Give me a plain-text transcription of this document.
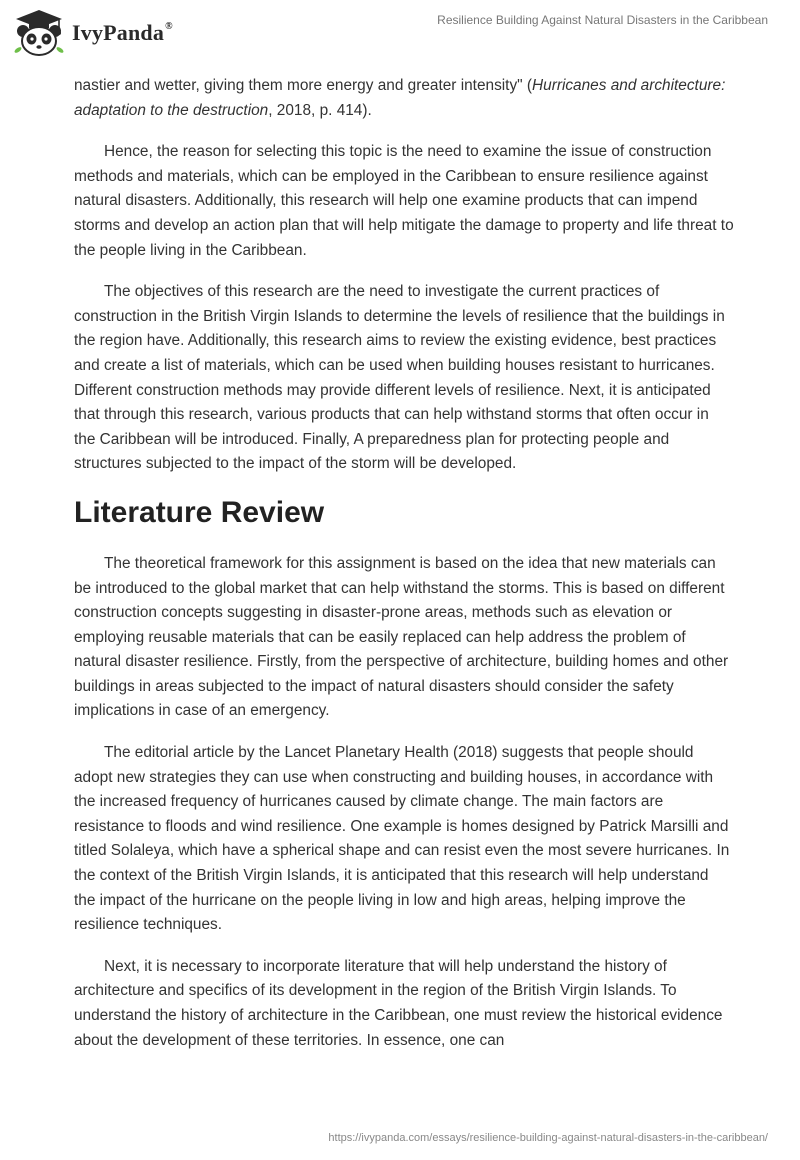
IvyPanda®	Resilience Building Against Natural Disasters in the Caribbean

nastier and wetter, giving them more energy and greater intensity" (Hurricanes and architecture: adaptation to the destruction, 2018, p. 414).

Hence, the reason for selecting this topic is the need to examine the issue of construction methods and materials, which can be employed in the Caribbean to ensure resilience against natural disasters. Additionally, this research will help one examine products that can impend storms and develop an action plan that will help mitigate the damage to property and life threat to the people living in the Caribbean.

The objectives of this research are the need to investigate the current practices of construction in the British Virgin Islands to determine the levels of resilience that the buildings in the region have. Additionally, this research aims to review the existing evidence, best practices and create a list of materials, which can be used when building houses resistant to hurricanes. Different construction methods may provide different levels of resilience. Next, it is anticipated that through this research, various products that can help withstand storms that often occur in the Caribbean will be introduced. Finally, A preparedness plan for protecting people and structures subjected to the impact of the storm will be developed.

Literature Review

The theoretical framework for this assignment is based on the idea that new materials can be introduced to the global market that can help withstand the storms. This is based on different construction concepts suggesting in disaster-prone areas, methods such as elevation or employing reusable materials that can be easily replaced can help address the problem of natural disaster resilience. Firstly, from the perspective of architecture, building homes and other buildings in areas subjected to the impact of natural disasters should consider the safety implications in case of an emergency.

The editorial article by the Lancet Planetary Health (2018) suggests that people should adopt new strategies they can use when constructing and building houses, in accordance with the increased frequency of hurricanes caused by climate change. The main factors are resistance to floods and wind resilience. One example is homes designed by Patrick Marsilli and titled Solaleya, which have a spherical shape and can resist even the most severe hurricanes. In the context of the British Virgin Islands, it is anticipated that this research will help understand the impact of the hurricane on the people living in low and high areas, helping improve the resilience techniques.

Next, it is necessary to incorporate literature that will help understand the history of architecture and specifics of its development in the region of the British Virgin Islands. To understand the history of architecture in the Caribbean, one must review the historical evidence about the development of these territories. In essence, one can

https://ivypanda.com/essays/resilience-building-against-natural-disasters-in-the-caribbean/
